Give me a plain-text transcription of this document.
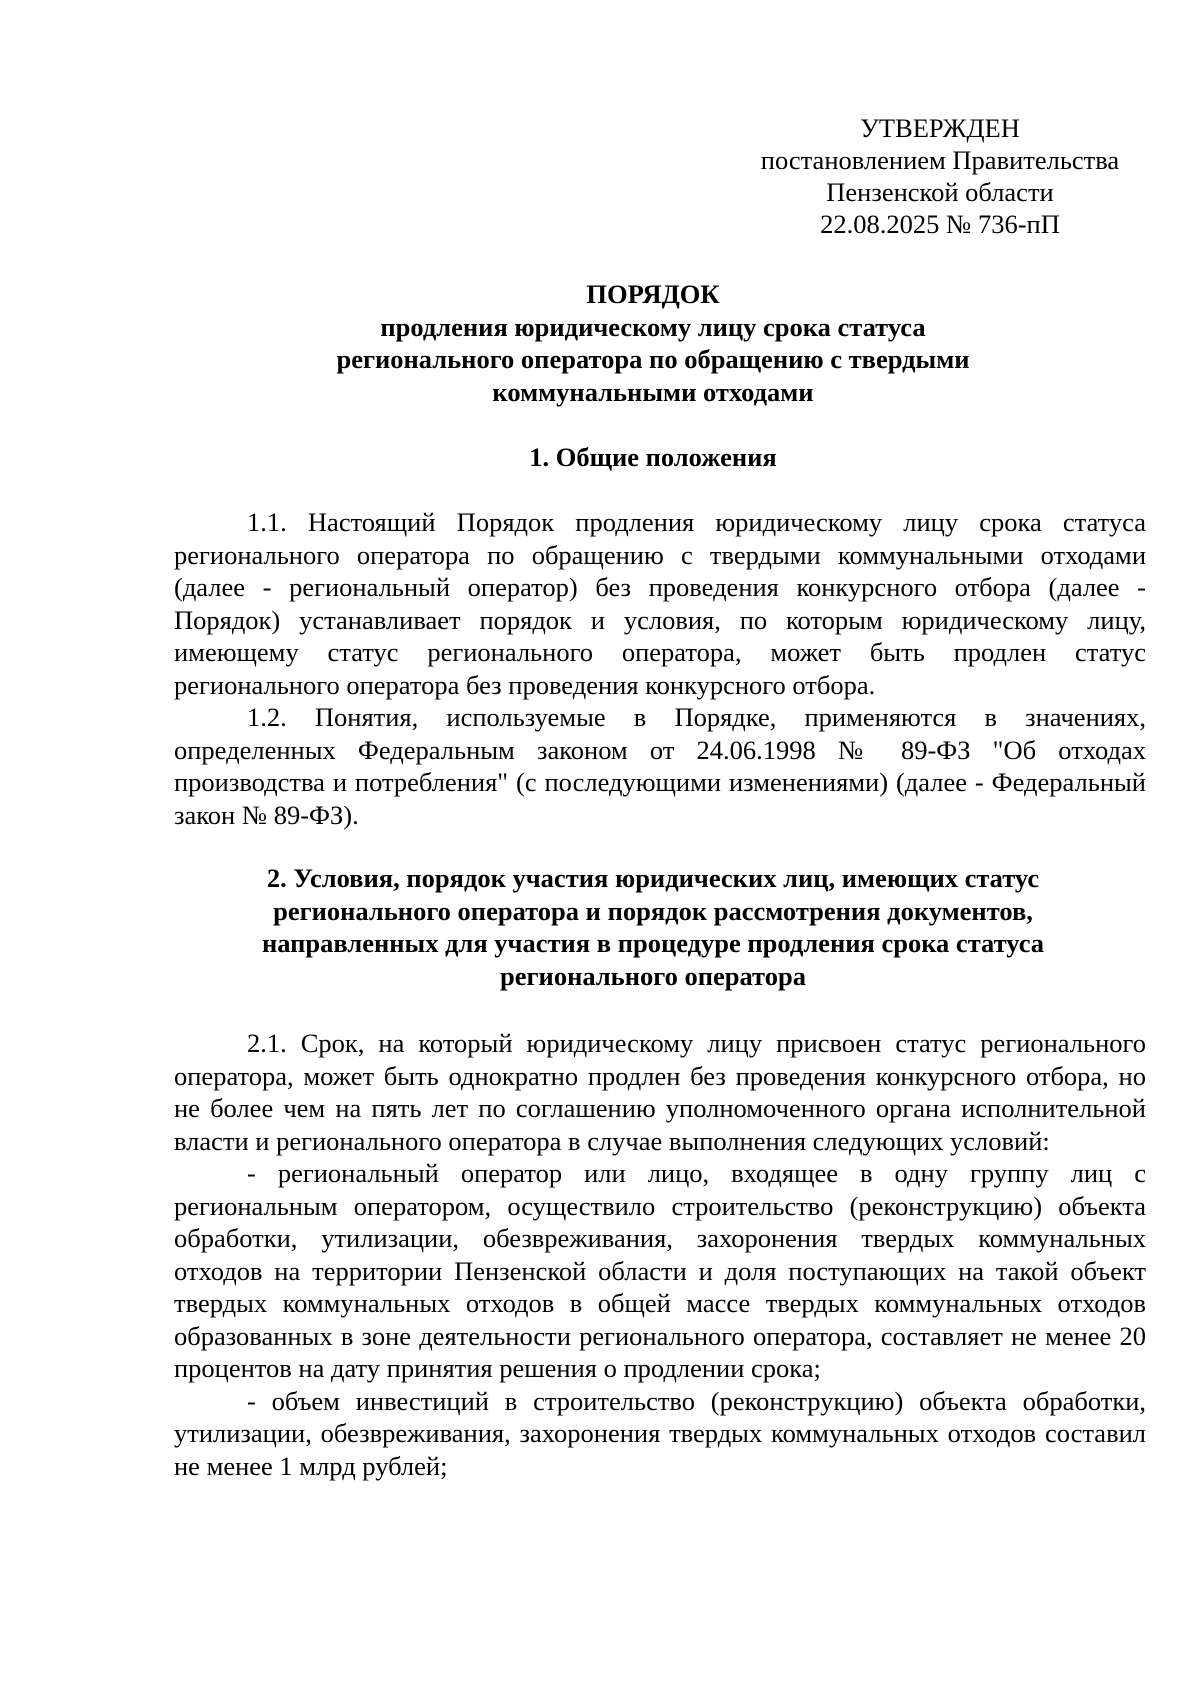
УТВЕРЖДЕН
постановлением Правительства
Пензенской области
22.08.2025 № 736-пП
ПОРЯДОК
продления юридическому лицу срока статуса
регионального оператора по обращению с твердыми
коммунальными отходами
1. Общие положения

1.1. Настоящий Порядок продления юридическому лицу срока статуса регионального оператора по обращению с твердыми коммунальными отходами (далее - региональный оператор) без проведения конкурсного отбора (далее - Порядок) устанавливает порядок и условия, по которым юридическому лицу, имеющему статус регионального оператора, может быть продлен статус регионального оператора без проведения конкурсного отбора.

1.2. Понятия, используемые в Порядке, применяются в значениях, определенных Федеральным законом от 24.06.1998 № 89-ФЗ "Об отходах производства и потребления" (с последующими изменениями) (далее - Федеральный закон № 89-ФЗ).

2. Условия, порядок участия юридических лиц, имеющих статус
регионального оператора и порядок рассмотрения документов,
направленных для участия в процедуре продления срока статуса
регионального оператора

2.1. Срок, на который юридическому лицу присвоен статус регионального оператора, может быть однократно продлен без проведения конкурсного отбора, но не более чем на пять лет по соглашению уполномоченного органа исполнительной власти и регионального оператора в случае выполнения следующих условий:

- региональный оператор или лицо, входящее в одну группу лиц с региональным оператором, осуществило строительство (реконструкцию) объекта обработки, утилизации, обезвреживания, захоронения твердых коммунальных отходов на территории Пензенской области и доля поступающих на такой объект твердых коммунальных отходов в общей массе твердых коммунальных отходов образованных в зоне деятельности регионального оператора, составляет не менее 20 процентов на дату принятия решения о продлении срока;

- объем инвестиций в строительство (реконструкцию) объекта обработки, утилизации, обезвреживания, захоронения твердых коммунальных отходов составил не менее 1 млрд рублей;
